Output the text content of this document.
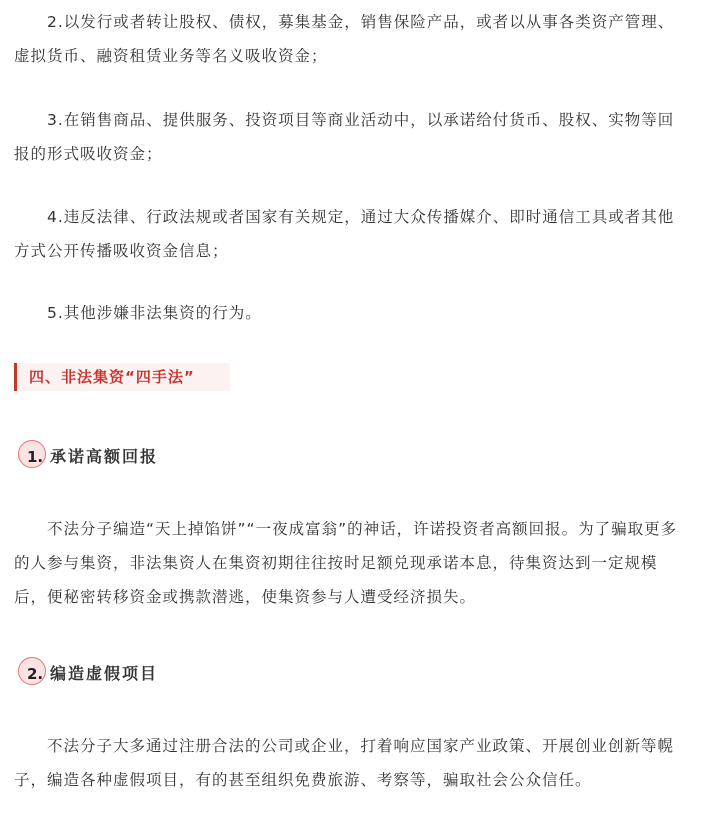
2.以发行或者转让股权、债权，募集基金，销售保险产品，或者以从事各类资产管理、虚拟货币、融资租赁业务等名义吸收资金；

3.在销售商品、提供服务、投资项目等商业活动中，以承诺给付货币、股权、实物等回报的形式吸收资金；

4.违反法律、行政法规或者国家有关规定，通过大众传播媒介、即时通信工具或者其他方式公开传播吸收资金信息；

5.其他涉嫌非法集资的行为。

四、非法集资“四手法”
1. 承诺高额回报

不法分子编造“天上掉馅饼”“一夜成富翁”的神话，许诺投资者高额回报。为了骗取更多的人参与集资，非法集资人在集资初期往往按时足额兑现承诺本息，待集资达到一定规模后，便秘密转移资金或携款潜逃，使集资参与人遭受经济损失。

2. 编造虚假项目

不法分子大多通过注册合法的公司或企业，打着响应国家产业政策、开展创业创新等幌子，编造各种虚假项目，有的甚至组织免费旅游、考察等，骗取社会公众信任。
